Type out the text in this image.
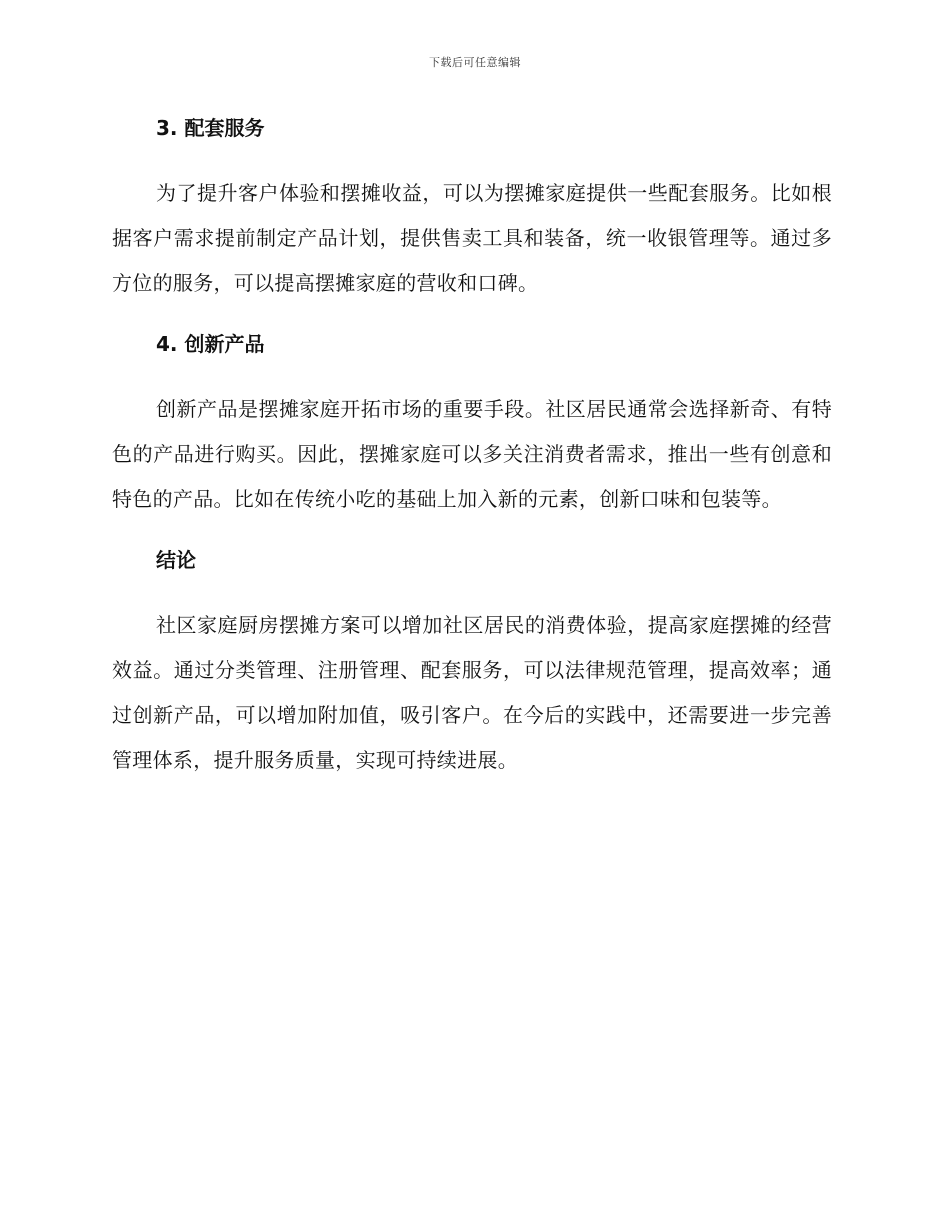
下载后可任意编辑
3. 配套服务

为了提升客户体验和摆摊收益，可以为摆摊家庭提供一些配套服务。比如根据客户需求提前制定产品计划，提供售卖工具和装备，统一收银管理等。通过多方位的服务，可以提高摆摊家庭的营收和口碑。

4. 创新产品

创新产品是摆摊家庭开拓市场的重要手段。社区居民通常会选择新奇、有特色的产品进行购买。因此，摆摊家庭可以多关注消费者需求，推出一些有创意和特色的产品。比如在传统小吃的基础上加入新的元素，创新口味和包装等。

结论

社区家庭厨房摆摊方案可以增加社区居民的消费体验，提高家庭摆摊的经营效益。通过分类管理、注册管理、配套服务，可以法律规范管理，提高效率；通过创新产品，可以增加附加值，吸引客户。在今后的实践中，还需要进一步完善管理体系，提升服务质量，实现可持续进展。
